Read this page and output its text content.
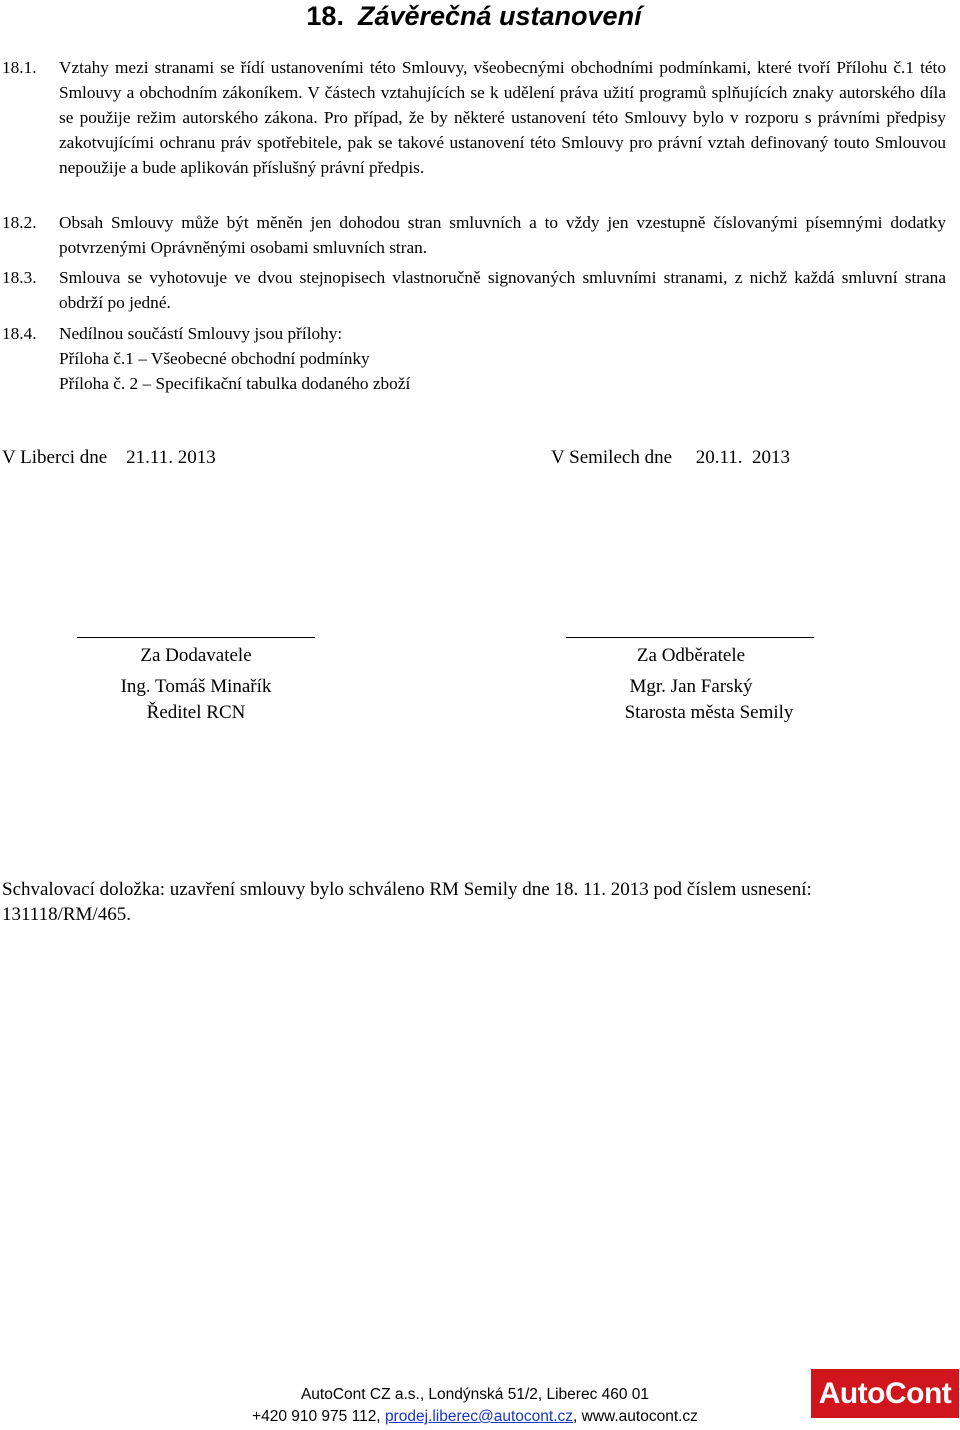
18. Závěrečná ustanovení
18.1.	Vztahy mezi stranami se řídí ustanoveními této Smlouvy, všeobecnými obchodními podmínkami, které tvoří Přílohu č.1 této Smlouvy a obchodním zákoníkem. V částech vztahujících se k udělení práva užití programů splňujících znaky autorského díla se použije režim autorského zákona. Pro případ, že by některé ustanovení této Smlouvy bylo v rozporu s právními předpisy zakotvujícími ochranu práv spotřebitele, pak se takové ustanovení této Smlouvy pro právní vztah definovaný touto Smlouvou nepoužije a bude aplikován příslušný právní předpis.

18.2.	Obsah Smlouvy může být měněn jen dohodou stran smluvních a to vždy jen vzestupně číslovanými písemnými dodatky potvrzenými Oprávněnými osobami smluvních stran.

18.3.	Smlouva se vyhotovuje ve dvou stejnopisech vlastnoručně signovaných smluvními stranami, z nichž každá smluvní strana obdrží po jedné.

18.4.	Nedílnou součástí Smlouvy jsou přílohy:
Příloha č.1 – Všeobecné obchodní podmínky
Příloha č. 2 – Specifikační tabulka dodaného zboží
V Liberci dne    21.11. 2013	V Semilech dne     20.11.  2013
Za Dodavatele
Ing. Tomáš Minařík
Ředitel RCN
Za Odběratele
Mgr. Jan Farský
Starosta města Semily
Schvalovací doložka: uzavření smlouvy bylo schváleno RM Semily dne 18. 11. 2013 pod číslem usnesení: 131118/RM/465.
AutoCont CZ a.s., Londýnská 51/2, Liberec 460 01
+420 910 975 112, prodej.liberec@autocont.cz, www.autocont.cz
AutoCont
